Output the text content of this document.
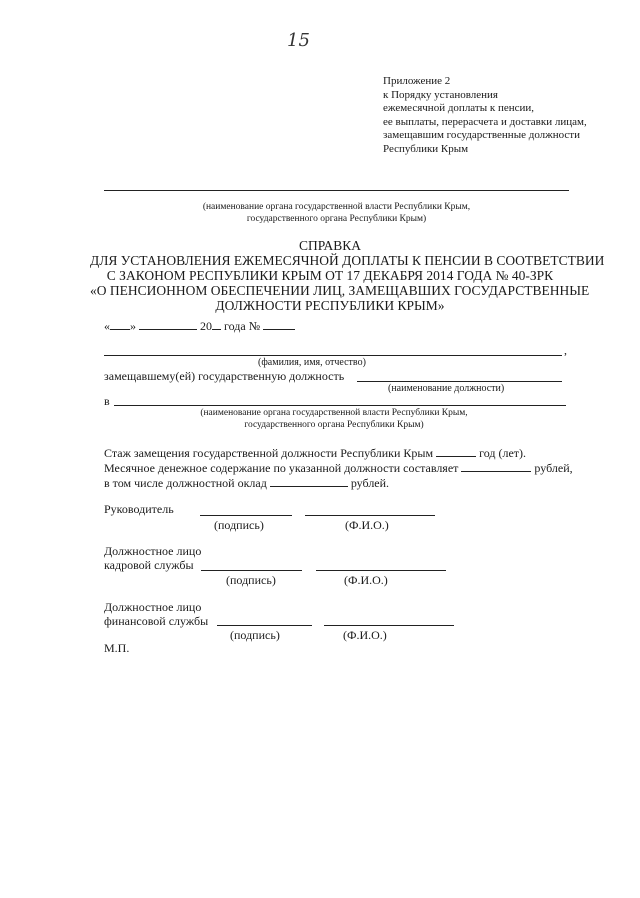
15
Приложение 2
к Порядку установления
ежемесячной доплаты к пенсии,
ее выплаты, перерасчета и доставки лицам,
замещавшим государственные должности
Республики Крым
(наименование органа государственной власти Республики Крым,
государственного органа Республики Крым)
СПРАВКА
ДЛЯ УСТАНОВЛЕНИЯ ЕЖЕМЕСЯЧНОЙ ДОПЛАТЫ К ПЕНСИИ В СООТВЕТСТВИИ
С ЗАКОНОМ РЕСПУБЛИКИ КРЫМ ОТ 17 ДЕКАБРЯ 2014 ГОДА № 40-ЗРК
«О ПЕНСИОННОМ ОБЕСПЕЧЕНИИ ЛИЦ, ЗАМЕЩАВШИХ ГОСУДАРСТВЕННЫЕ
ДОЛЖНОСТИ РЕСПУБЛИКИ КРЫМ»
« »	20 года №
,
(фамилия, имя, отчество)
замещавшему(ей) государственную должность
(наименование должности)
в
(наименование органа государственной власти Республики Крым,
государственного органа Республики Крым)
Стаж замещения государственной должности Республики Крым	год (лет).
Месячное денежное содержание по указанной должности составляет	рублей,
в том числе должностной оклад	рублей.
Руководитель
(подпись)	(Ф.И.О.)
Должностное лицо
кадровой службы
(подпись)	(Ф.И.О.)
Должностное лицо
финансовой службы
(подпись)	(Ф.И.О.)
М.П.
